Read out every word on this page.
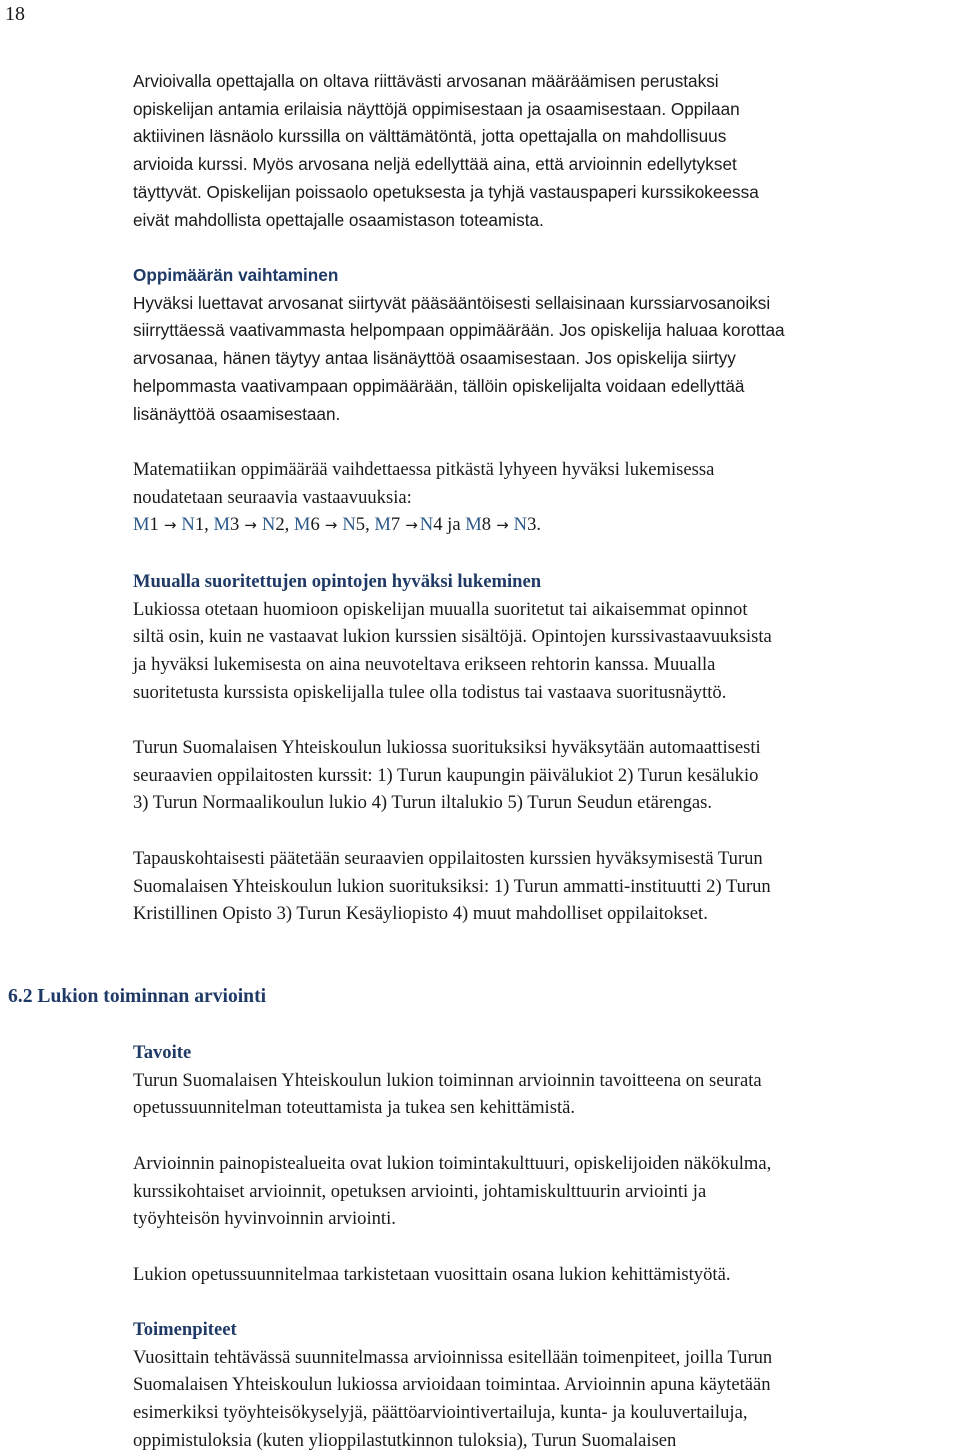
18

Arvioivalla opettajalla on oltava riittävästi arvosanan määräämisen perustaksi

opiskelijan antamia erilaisia näyttöjä oppimisestaan ja osaamisestaan. Oppilaan

aktiivinen läsnäolo kurssilla on välttämätöntä, jotta opettajalla on mahdollisuus

arvioida kurssi. Myös arvosana neljä edellyttää aina, että arvioinnin edellytykset

täyttyvät. Opiskelijan poissaolo opetuksesta ja tyhjä vastauspaperi kurssikokeessa

eivät mahdollista opettajalle osaamistason toteamista.

Oppimäärän vaihtaminen

Hyväksi luettavat arvosanat siirtyvät pääsääntöisesti sellaisinaan kurssiarvosanoiksi

siirryttäessä vaativammasta helpompaan oppimäärään. Jos opiskelija haluaa korottaa

arvosanaa, hänen täytyy antaa lisänäyttöä osaamisestaan. Jos opiskelija siirtyy

helpommasta vaativampaan oppimäärään, tällöin opiskelijalta voidaan edellyttää

lisänäyttöä osaamisestaan.

Matematiikan oppimäärää vaihdettaessa pitkästä lyhyeen hyväksi lukemisessa

noudatetaan seuraavia vastaavuuksia:

M1 → N1, M3 → N2, M6 → N5, M7 → N4 ja M8 → N3.

Muualla suoritettujen opintojen hyväksi lukeminen

Lukiossa otetaan huomioon opiskelijan muualla suoritetut tai aikaisemmat opinnot

siltä osin, kuin ne vastaavat lukion kurssien sisältöjä. Opintojen kurssivastaavuuksista

ja hyväksi lukemisesta on aina neuvoteltava erikseen rehtorin kanssa. Muualla

suoritetusta kurssista opiskelijalla tulee olla todistus tai vastaava suoritusnäyttö.

Turun Suomalaisen Yhteiskoulun lukiossa suorituksiksi hyväksytään automaattisesti

seuraavien oppilaitosten kurssit: 1) Turun kaupungin päivälukiot 2) Turun kesälukio

3) Turun Normaalikoulun lukio 4) Turun iltalukio 5) Turun Seudun etärengas.

Tapauskohtaisesti päätetään seuraavien oppilaitosten kurssien hyväksymisestä Turun

Suomalaisen Yhteiskoulun lukion suorituksiksi: 1) Turun ammatti-instituutti 2) Turun

Kristillinen Opisto 3) Turun Kesäyliopisto 4) muut mahdolliset oppilaitokset.

6.2 Lukion toiminnan arviointi
Tavoite

Turun Suomalaisen Yhteiskoulun lukion toiminnan arvioinnin tavoitteena on seurata

opetussuunnitelman toteuttamista ja tukea sen kehittämistä.

Arvioinnin painopistealueita ovat lukion toimintakulttuuri, opiskelijoiden näkökulma,

kurssikohtaiset arvioinnit, opetuksen arviointi, johtamiskulttuurin arviointi ja

työyhteisön hyvinvoinnin arviointi.

Lukion opetussuunnitelmaa tarkistetaan vuosittain osana lukion kehittämistyötä.

Toimenpiteet

Vuosittain tehtävässä suunnitelmassa arvioinnissa esitellään toimenpiteet, joilla Turun

Suomalaisen Yhteiskoulun lukiossa arvioidaan toimintaa. Arvioinnin apuna käytetään

esimerkiksi työyhteisökyselyjä, päättöarviointivertailuja, kunta- ja kouluvertailuja,

oppimistuloksia (kuten ylioppilastutkinnon tuloksia), Turun Suomalaisen
